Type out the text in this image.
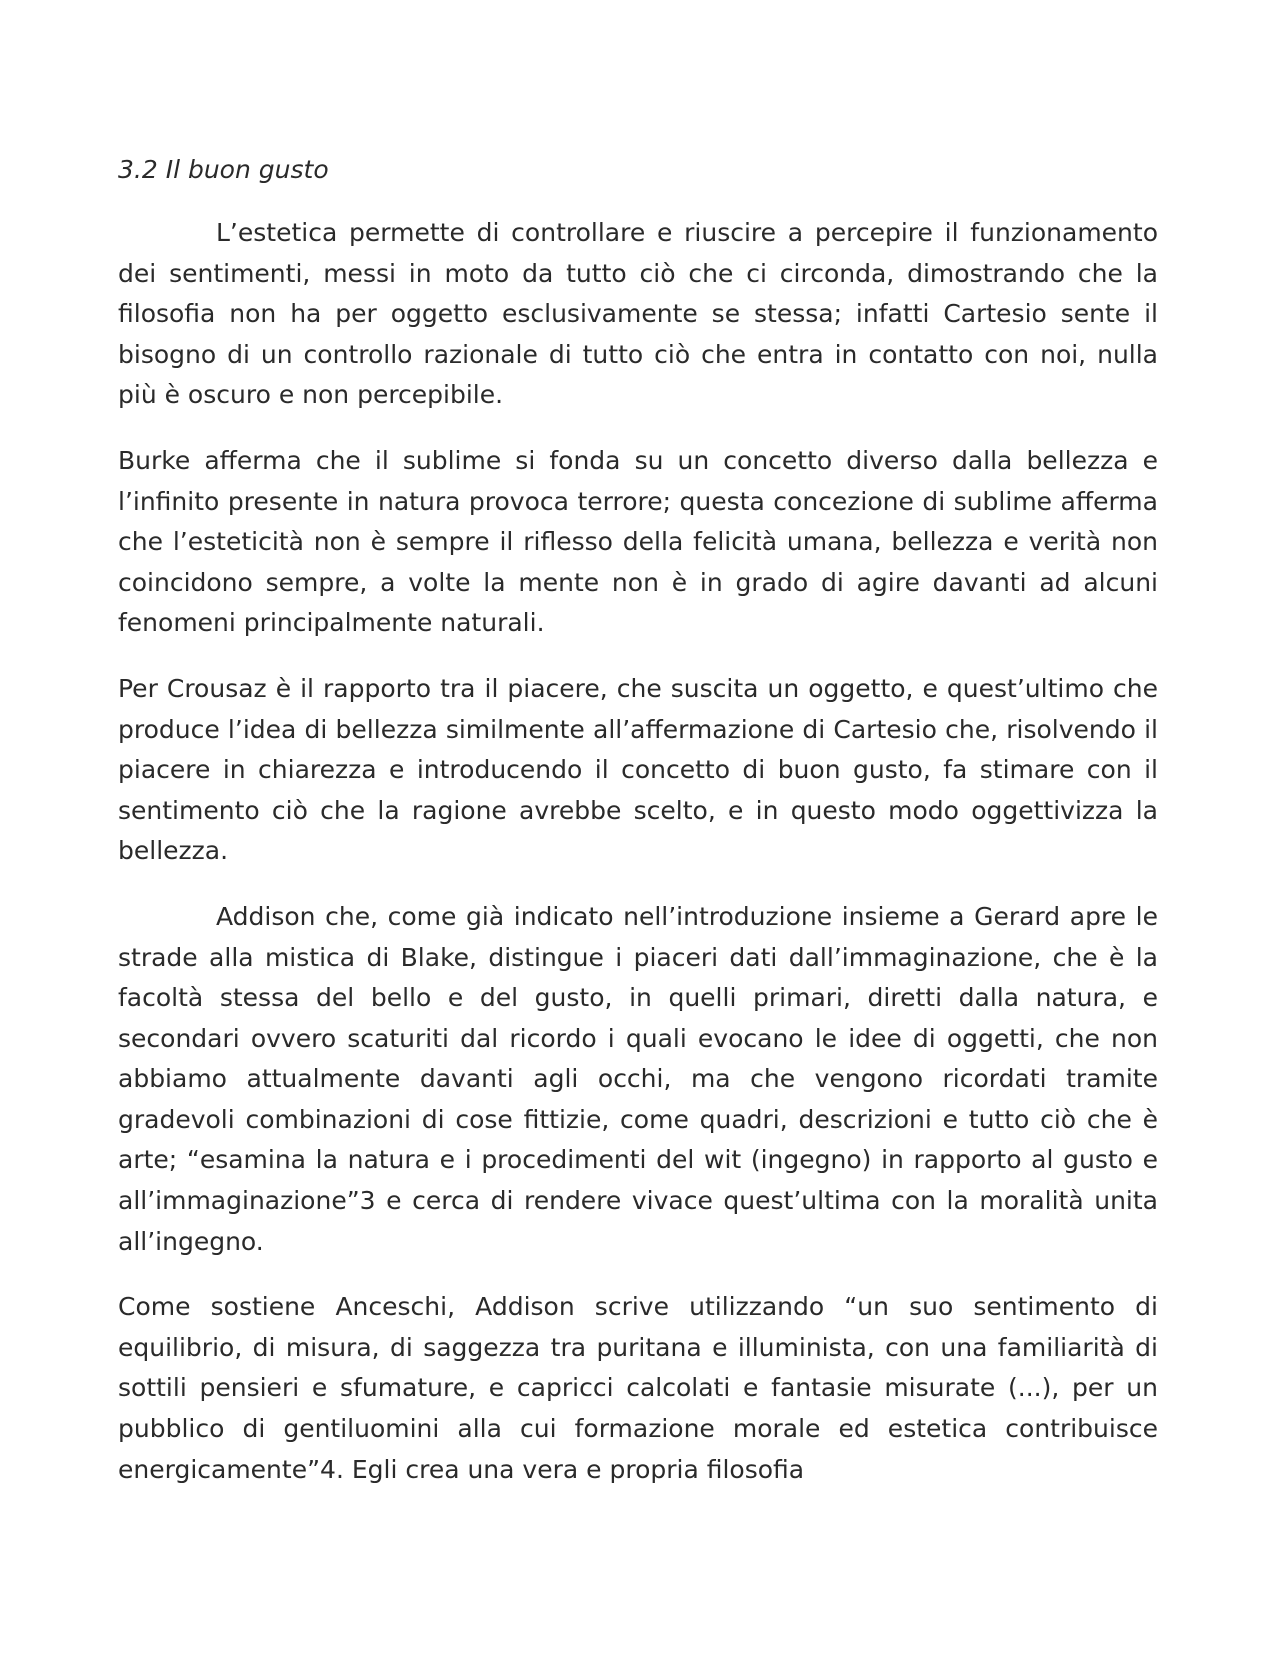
3.2 Il buon gusto

L’estetica permette di controllare e riuscire a percepire il funzionamento dei sentimenti, messi in moto da tutto ciò che ci circonda, dimostrando che la filosofia non ha per oggetto esclusivamente se stessa; infatti Cartesio sente il bisogno di un controllo razionale di tutto ciò che entra in contatto con noi, nulla più è oscuro e non percepibile.

Burke afferma che il sublime si fonda su un concetto diverso dalla bellezza e l’infinito presente in natura provoca terrore; questa concezione di sublime afferma che l’esteticità non è sempre il riflesso della felicità umana, bellezza e verità non coincidono sempre, a volte la mente non è in grado di agire davanti ad alcuni fenomeni principalmente naturali.

Per Crousaz è il rapporto tra il piacere, che suscita un oggetto, e quest’ultimo che produce l’idea di bellezza similmente all’affermazione di Cartesio che, risolvendo il piacere in chiarezza e introducendo il concetto di buon gusto, fa stimare con il sentimento ciò che la ragione avrebbe scelto, e in questo modo oggettivizza la bellezza.

Addison che, come già indicato nell’introduzione insieme a Gerard apre le strade alla mistica di Blake, distingue i piaceri dati dall’immaginazione, che è la facoltà stessa del bello e del gusto, in quelli primari, diretti dalla natura, e secondari ovvero scaturiti dal ricordo i quali evocano le idee di oggetti, che non abbiamo attualmente davanti agli occhi, ma che vengono ricordati tramite gradevoli combinazioni di cose fittizie, come quadri, descrizioni e tutto ciò che è arte; “esamina la natura e i procedimenti del wit (ingegno) in rapporto al gusto e all’immaginazione”3 e cerca di rendere vivace quest’ultima con la moralità unita all’ingegno.

Come sostiene Anceschi, Addison scrive utilizzando “un suo sentimento di equilibrio, di misura, di saggezza tra puritana e illuminista, con una familiarità di sottili pensieri e sfumature, e capricci calcolati e fantasie misurate (...), per un pubblico di gentiluomini alla cui formazione morale ed estetica contribuisce energicamente”4. Egli crea una vera e propria filosofia
